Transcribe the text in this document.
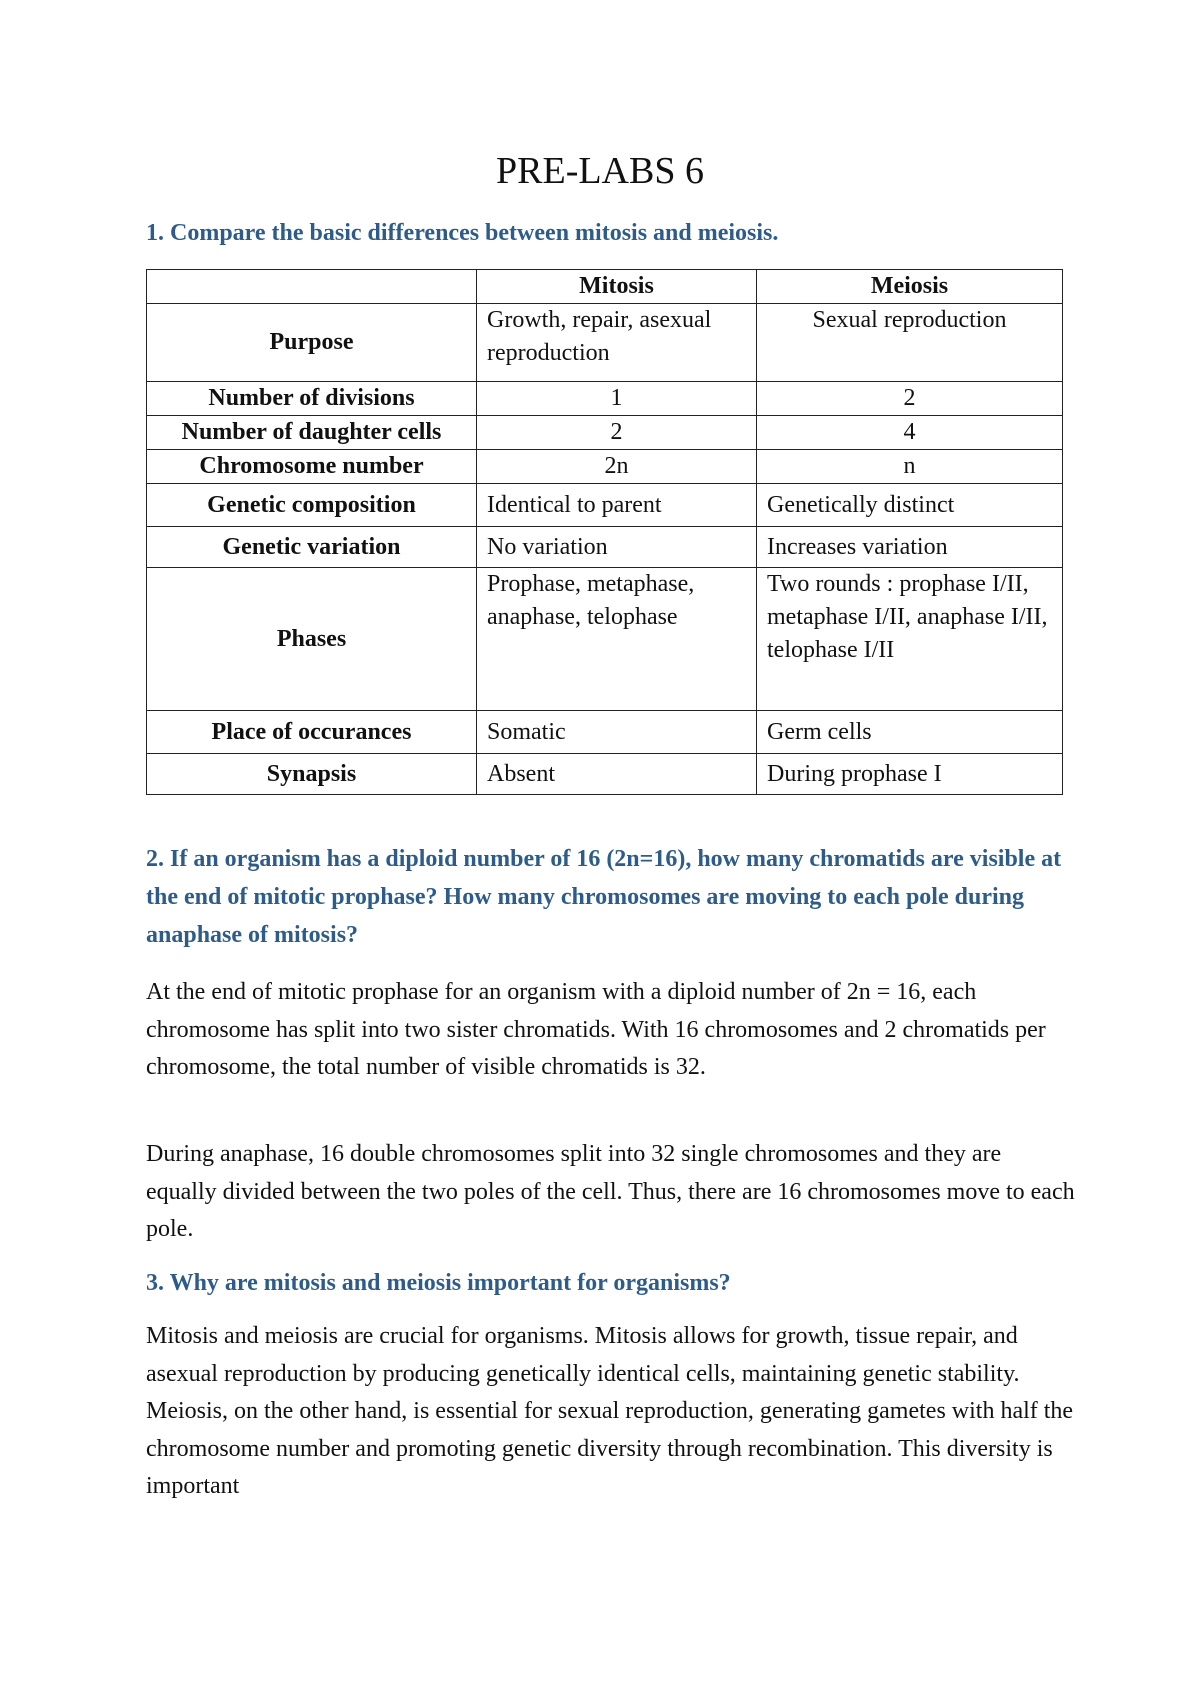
PRE-LABS 6

1. Compare the basic differences between mitosis and meiosis.

	Mitosis	Meiosis
Purpose	Growth, repair, asexual reproduction	Sexual reproduction
Number of divisions	1	2
Number of daughter cells	2	4
Chromosome number	2n	n
Genetic composition	Identical to parent	Genetically distinct
Genetic variation	No variation	Increases variation
Phases	Prophase, metaphase, anaphase, telophase	Two rounds : prophase I/II, metaphase I/II, anaphase I/II, telophase I/II
Place of occurances	Somatic	Germ cells
Synapsis	Absent	During prophase I

2. If an organism has a diploid number of 16 (2n=16), how many chromatids are visible at the end of mitotic prophase? How many chromosomes are moving to each pole during anaphase of mitosis?

At the end of mitotic prophase for an organism with a diploid number of 2n = 16, each chromosome has split into two sister chromatids. With 16 chromosomes and 2 chromatids per chromosome, the total number of visible chromatids is 32.

During anaphase, 16 double chromosomes split into 32 single chromosomes and they are equally divided between the two poles of the cell. Thus, there are 16 chromosomes move to each pole.

3. Why are mitosis and meiosis important for organisms?

Mitosis and meiosis are crucial for organisms. Mitosis allows for growth, tissue repair, and asexual reproduction by producing genetically identical cells, maintaining genetic stability. Meiosis, on the other hand, is essential for sexual reproduction, generating gametes with half the chromosome number and promoting genetic diversity through recombination. This diversity is important
